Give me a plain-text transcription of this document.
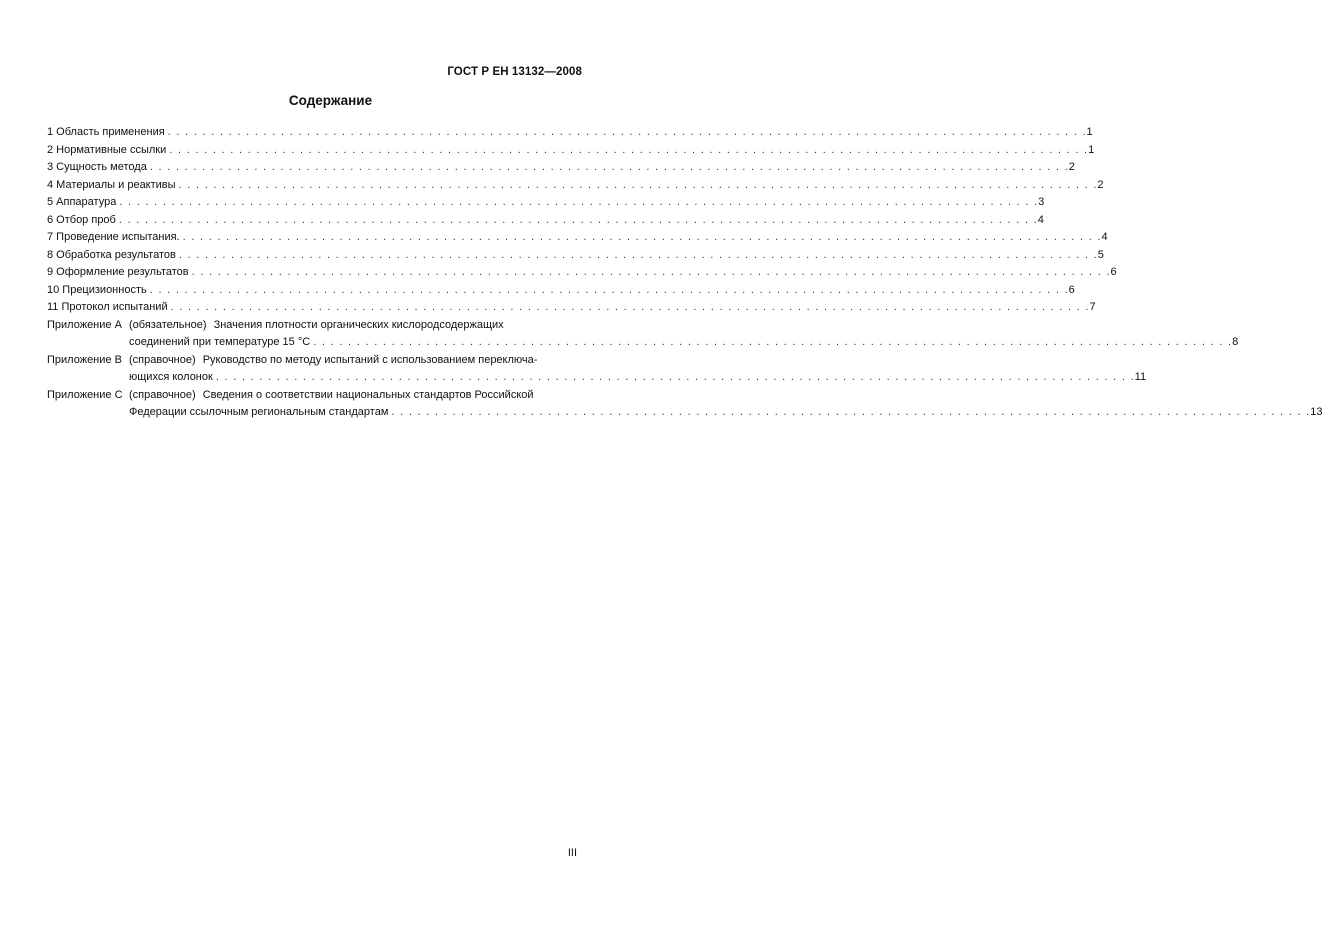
ГОСТ Р ЕН 13132—2008
Содержание
1 Область применения . . .	1
2 Нормативные ссылки . . .	1
3 Сущность метода . . .	2
4 Материалы и реактивы . . .	2
5 Аппаратура . . .	3
6 Отбор проб . . .	4
7 Проведение испытания. . . .	4
8 Обработка результатов . . .	5
9 Оформление результатов . . .	6
10 Прецизионность . . .	6
11 Протокол испытаний . . .	7
Приложение А (обязательное) Значения плотности органических кислородсодержащих
соединений при температуре 15 °С . . .	8
Приложение В (справочное) Руководство по методу испытаний с использованием переключа-
ющихся колонок . . .	11
Приложение С (справочное) Сведения о соответствии национальных стандартов Российской
Федерации ссылочным региональным стандартам . . .	13
III
